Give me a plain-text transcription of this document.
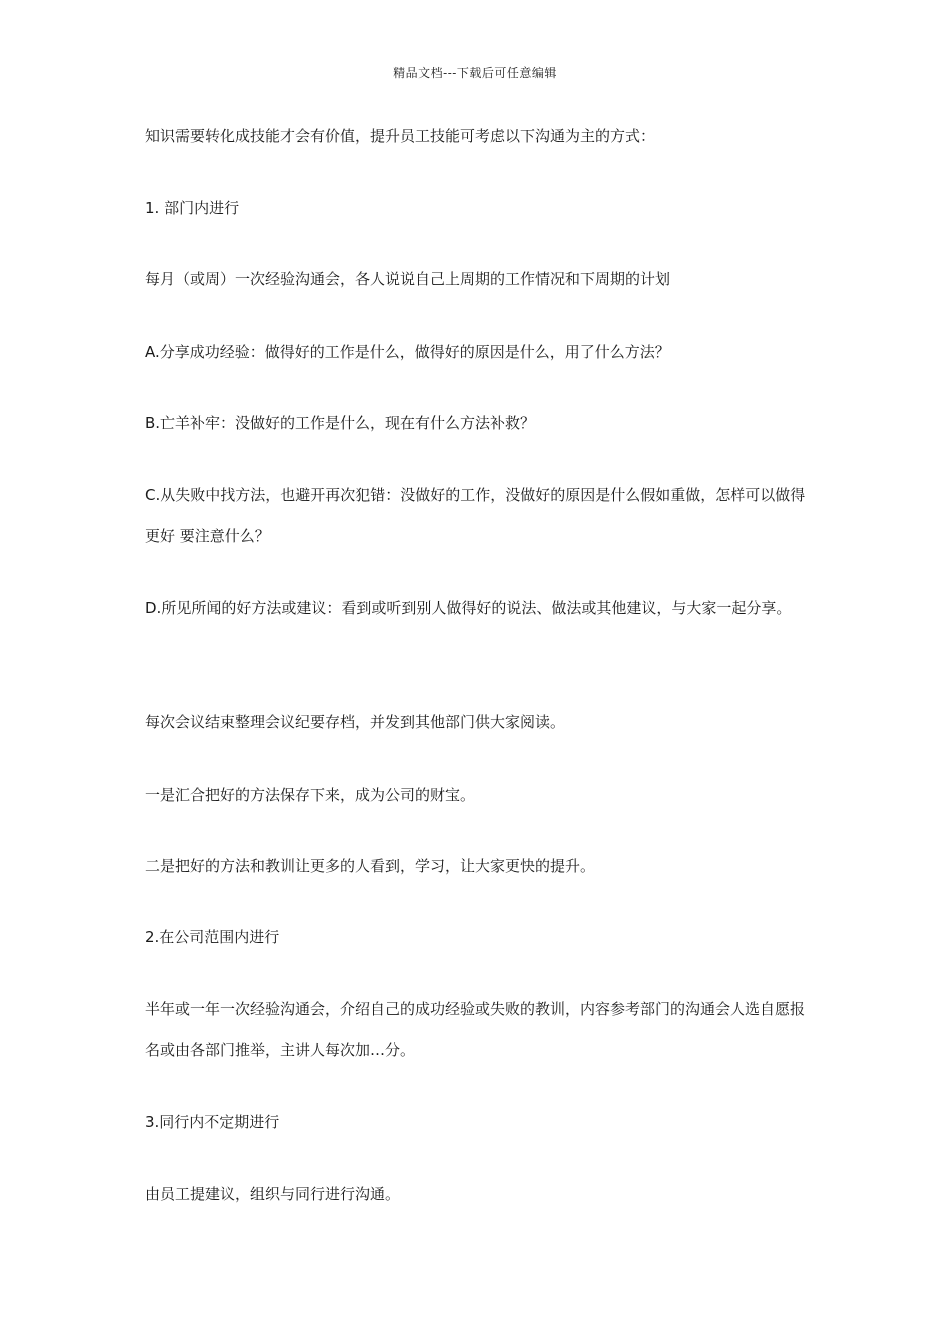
精品文档---下载后可任意编辑

知识需要转化成技能才会有价值，提升员工技能可考虑以下沟通为主的方式：

1. 部门内进行

每月（或周）一次经验沟通会，各人说说自己上周期的工作情况和下周期的计划

A.分享成功经验：做得好的工作是什么，做得好的原因是什么，用了什么方法？

B.亡羊补牢：没做好的工作是什么，现在有什么方法补救？

C.从失败中找方法，也避开再次犯错：没做好的工作，没做好的原因是什么假如重做，怎样可以做得更好 要注意什么？

D.所见所闻的好方法或建议：看到或听到别人做得好的说法、做法或其他建议，与大家一起分享。

每次会议结束整理会议纪要存档，并发到其他部门供大家阅读。

一是汇合把好的方法保存下来，成为公司的财宝。

二是把好的方法和教训让更多的人看到，学习，让大家更快的提升。

2.在公司范围内进行

半年或一年一次经验沟通会，介绍自己的成功经验或失败的教训，内容参考部门的沟通会人选自愿报名或由各部门推举，主讲人每次加…分。

3.同行内不定期进行

由员工提建议，组织与同行进行沟通。
